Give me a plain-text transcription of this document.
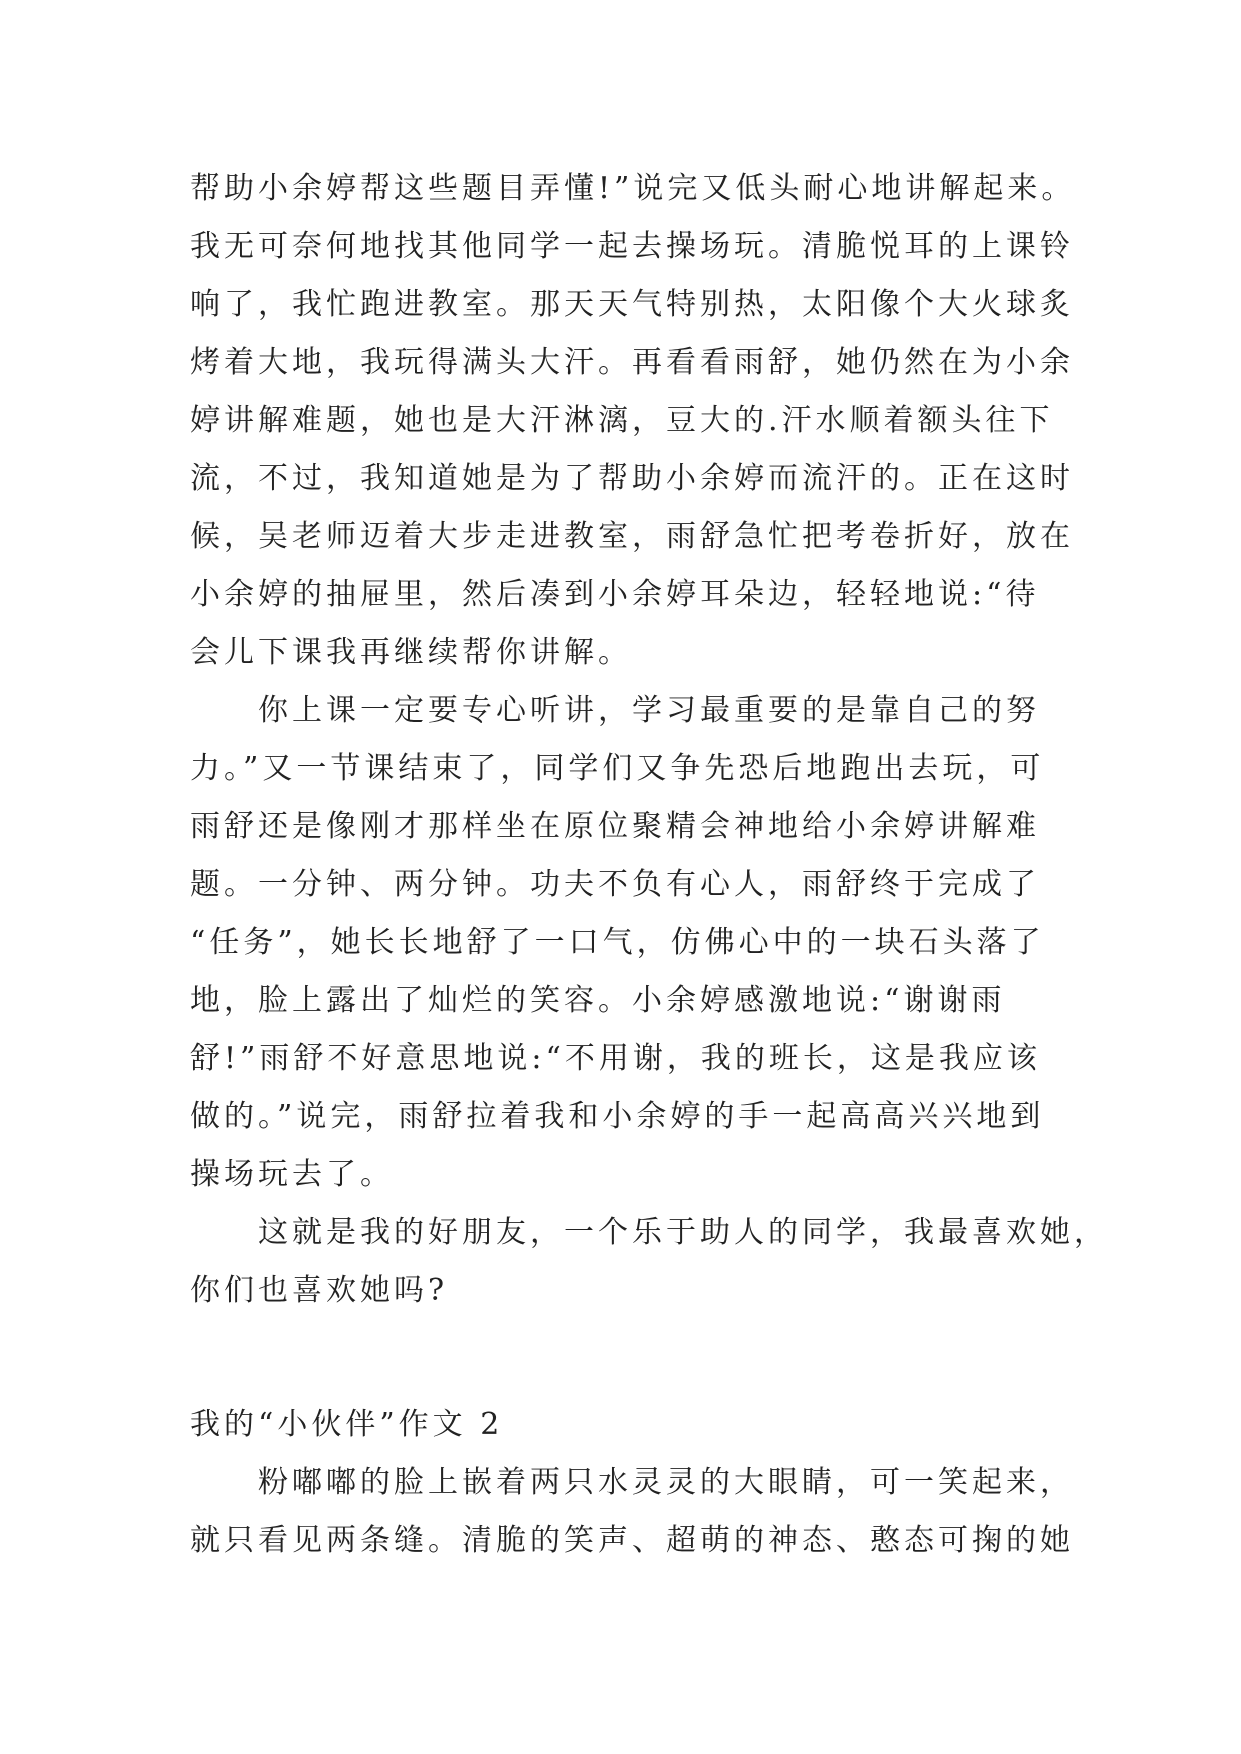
帮助小余婷帮这些题目弄懂!”说完又低头耐心地讲解起来。
我无可奈何地找其他同学一起去操场玩。清脆悦耳的上课铃
响了，我忙跑进教室。那天天气特别热，太阳像个大火球炙
烤着大地，我玩得满头大汗。再看看雨舒，她仍然在为小余
婷讲解难题，她也是大汗淋漓，豆大的.汗水顺着额头往下
流，不过，我知道她是为了帮助小余婷而流汗的。正在这时
候，吴老师迈着大步走进教室，雨舒急忙把考卷折好，放在
小余婷的抽屉里，然后凑到小余婷耳朵边，轻轻地说:“待
会儿下课我再继续帮你讲解。
　　你上课一定要专心听讲，学习最重要的是靠自己的努
力。”又一节课结束了，同学们又争先恐后地跑出去玩，可
雨舒还是像刚才那样坐在原位聚精会神地给小余婷讲解难
题。一分钟、两分钟。功夫不负有心人，雨舒终于完成了
“任务”，她长长地舒了一口气，仿佛心中的一块石头落了
地，脸上露出了灿烂的笑容。小余婷感激地说:“谢谢雨
舒!”雨舒不好意思地说:“不用谢，我的班长，这是我应该
做的。”说完，雨舒拉着我和小余婷的手一起高高兴兴地到
操场玩去了。
　　这就是我的好朋友，一个乐于助人的同学，我最喜欢她，
你们也喜欢她吗?
我的“小伙伴”作文 2
　　粉嘟嘟的脸上嵌着两只水灵灵的大眼睛，可一笑起来，
就只看见两条缝。清脆的笑声、超萌的神态、憨态可掬的她
